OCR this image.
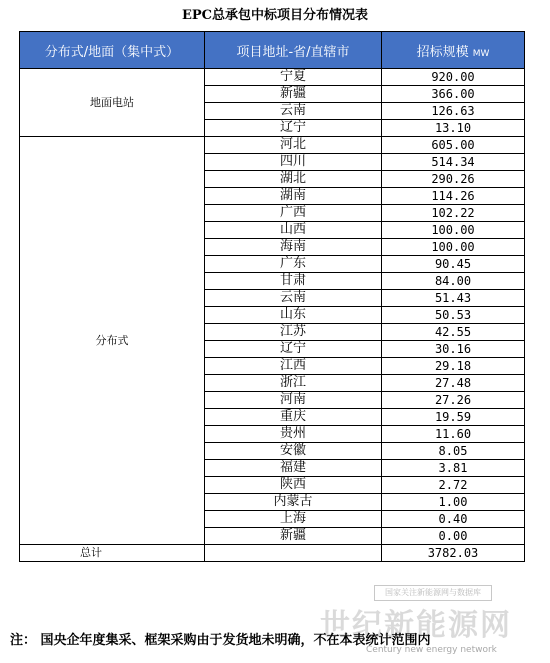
EPC总承包中标项目分布情况表
分布式/地面（集中式）	项目地址-省/直辖市	招标规模 MW
地面电站	宁夏	920.00
	新疆	366.00
	云南	126.63
	辽宁	13.10
分布式	河北	605.00
	四川	514.34
	湖北	290.26
	湖南	114.26
	广西	102.22
	山西	100.00
	海南	100.00
	广东	90.45
	甘肃	84.00
	云南	51.43
	山东	50.53
	江苏	42.55
	辽宁	30.16
	江西	29.18
	浙江	27.48
	河南	27.26
	重庆	19.59
	贵州	11.60
	安徽	8.05
	福建	3.81
	陕西	2.72
	内蒙古	1.00
	上海	0.40
	新疆	0.00
总计		3782.03
国家关注新能源网与数据库
世纪新能源网
Century new energy network
注： 国央企年度集采、框架采购由于发货地未明确，不在本表统计范围内
